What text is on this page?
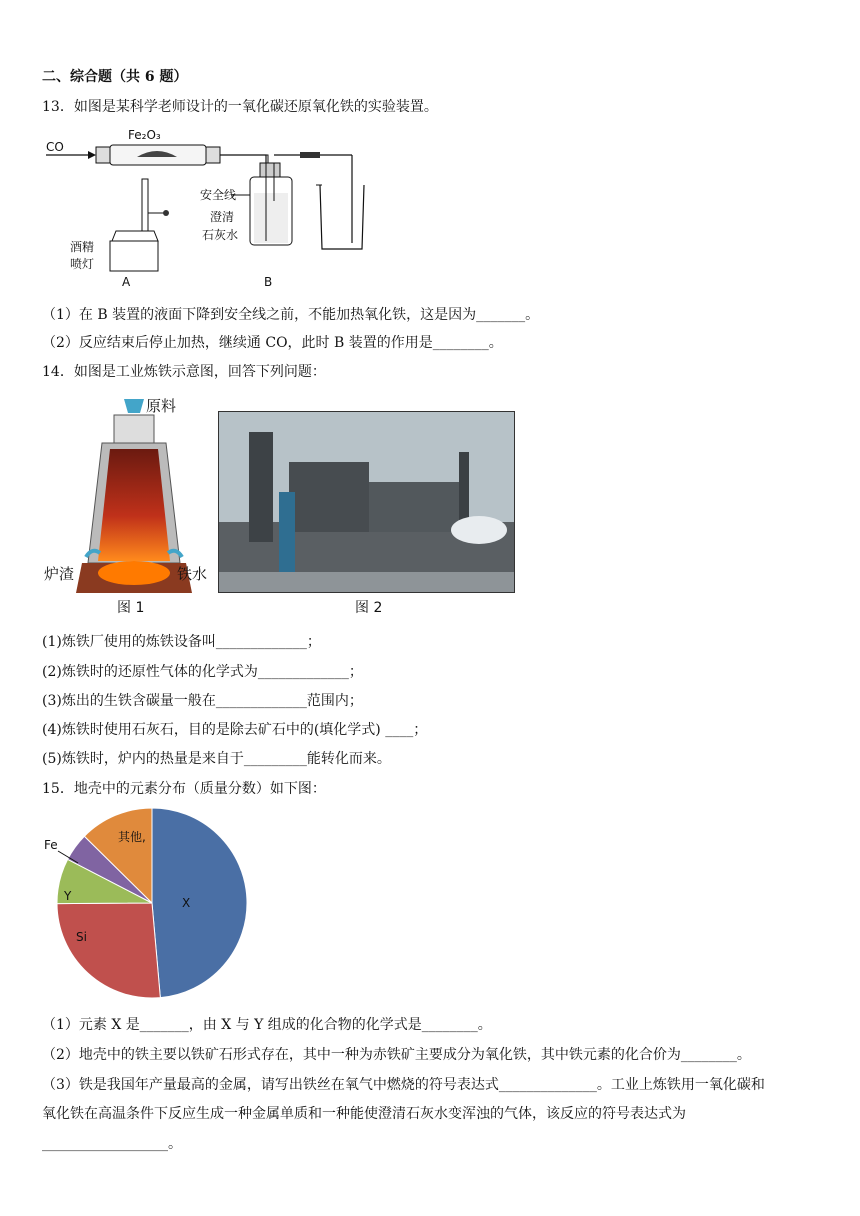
二、综合题（共 6 题）
13．如图是某科学老师设计的一氧化碳还原氧化铁的实验装置。
CO
Fe₂O₃
酒精
喷灯
A
安全线
澄清
石灰水
B
（1）在 B 装置的液面下降到安全线之前，不能加热氧化铁，这是因为_______。
（2）反应结束后停止加热，继续通 CO，此时 B 装置的作用是________。
14．如图是工业炼铁示意图，回答下列问题：
原料
炉渣	铁水
图 1	图 2
(1)炼铁厂使用的炼铁设备叫_____________；
(2)炼铁时的还原性气体的化学式为_____________；
(3)炼出的生铁含碳量一般在_____________范围内；
(4)炼铁时使用石灰石，目的是除去矿石中的(填化学式) ____；
(5)炼铁时，炉内的热量是来自于_________能转化而来。
15．地壳中的元素分布（质量分数）如下图：
X
Si
Y
Fe
其他,
（1）元素 X 是_______，由 X 与 Y 组成的化合物的化学式是________。
（2）地壳中的铁主要以铁矿石形式存在，其中一种为赤铁矿主要成分为氧化铁，其中铁元素的化合价为________。
（3）铁是我国年产量最高的金属，请写出铁丝在氧气中燃烧的符号表达式______________。工业上炼铁用一氧化碳和
氧化铁在高温条件下反应生成一种金属单质和一种能使澄清石灰水变浑浊的气体，该反应的符号表达式为
__________________。
